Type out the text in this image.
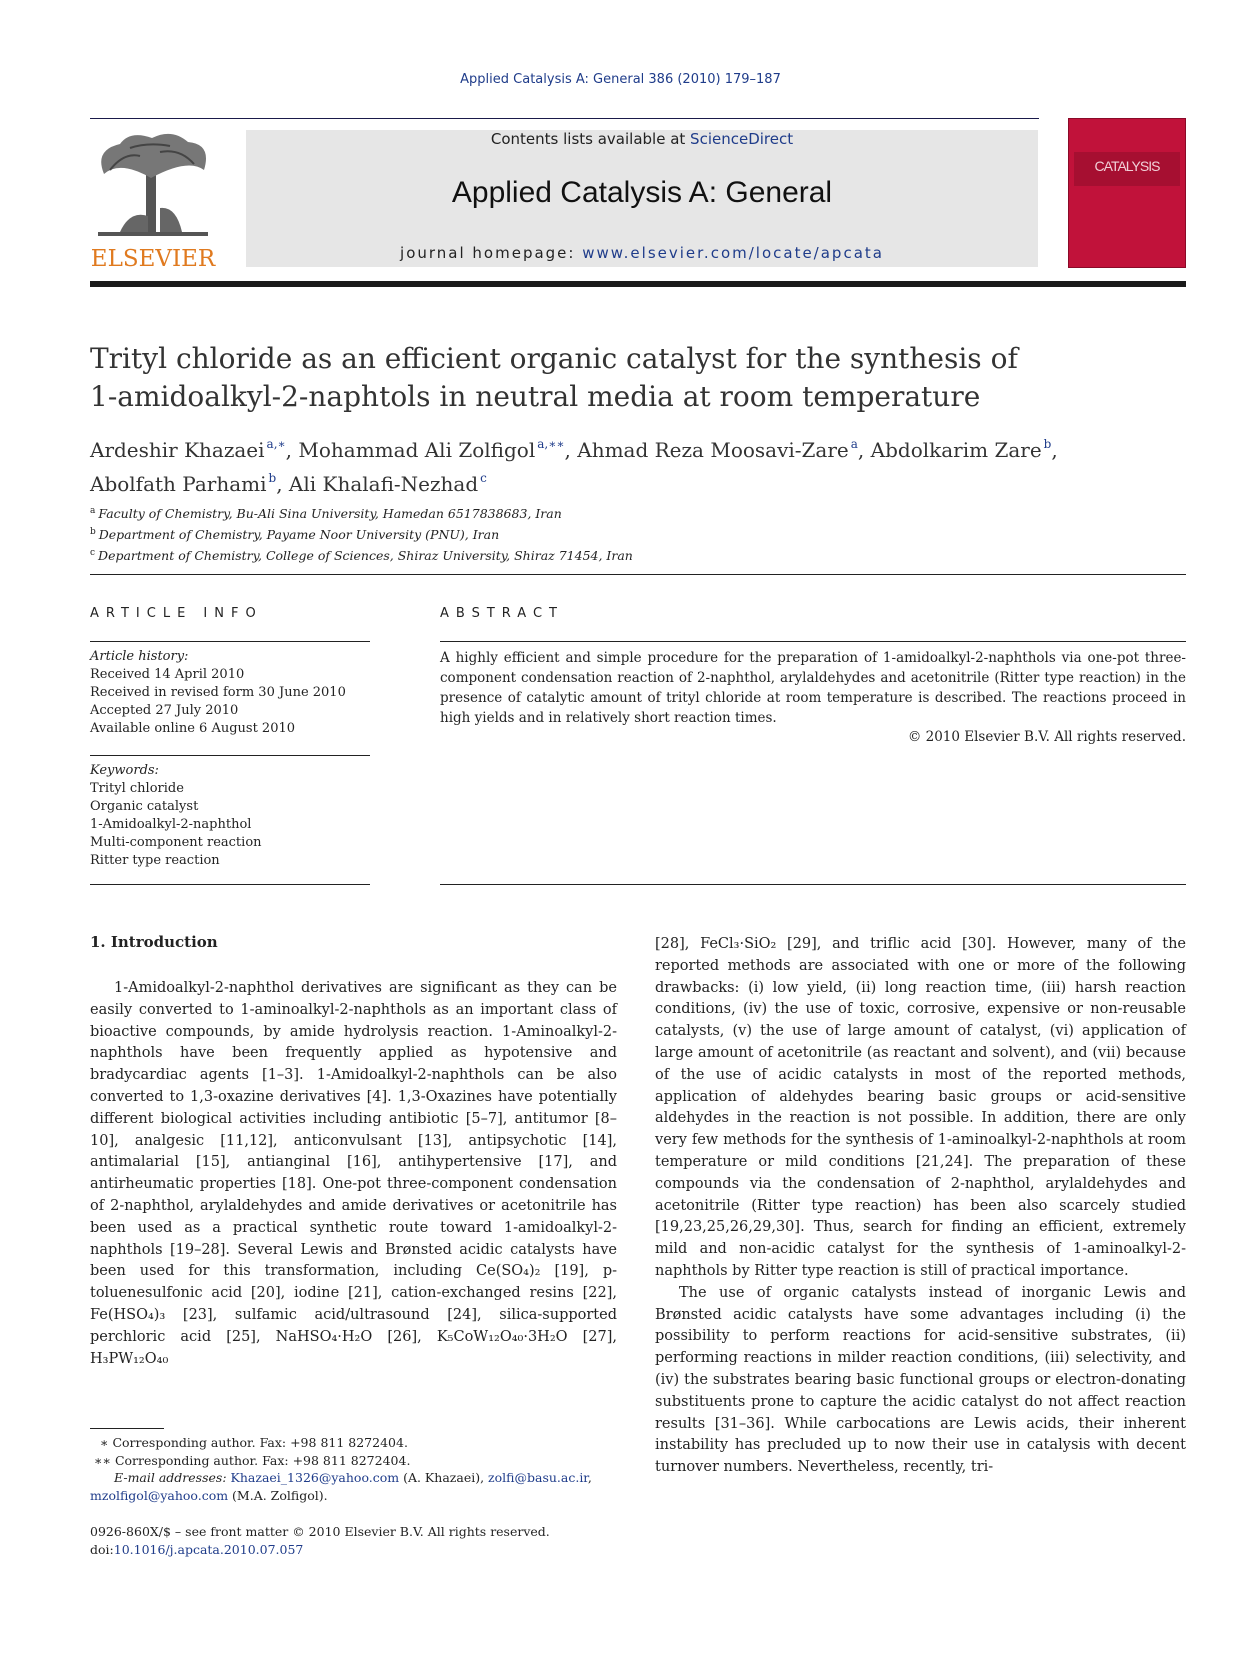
Applied Catalysis A: General 386 (2010) 179–187
ELSEVIER
Contents lists available at ScienceDirect
Applied Catalysis A: General
journal homepage: www.elsevier.com/locate/apcata
CATALYSIS
Trityl chloride as an efficient organic catalyst for the synthesis of
1-amidoalkyl-2-naphtols in neutral media at room temperature
Ardeshir Khazaei $^{a,∗}$, Mohammad Ali Zolfigol $^{a,∗∗}$, Ahmad Reza Moosavi-Zare $^a$, Abdolkarim Zare $^b$,
Abolfath Parhami $^b$, Ali Khalafi-Nezhad $^c$
$^a$ Faculty of Chemistry, Bu-Ali Sina University, Hamedan 6517838683, Iran
$^b$ Department of Chemistry, Payame Noor University (PNU), Iran
$^c$ Department of Chemistry, College of Sciences, Shiraz University, Shiraz 71454, Iran
ARTICLE INFO	ABSTRACT
Article history:
Received 14 April 2010
Received in revised form 30 June 2010
Accepted 27 July 2010
Available online 6 August 2010
Keywords:
Trityl chloride
Organic catalyst
1-Amidoalkyl-2-naphthol
Multi-component reaction
Ritter type reaction
A highly efficient and simple procedure for the preparation of 1-amidoalkyl-2-naphthols via one-pot three-component condensation reaction of 2-naphthol, arylaldehydes and acetonitrile (Ritter type reaction) in the presence of catalytic amount of trityl chloride at room temperature is described. The reactions proceed in high yields and in relatively short reaction times.
© 2010 Elsevier B.V. All rights reserved.
1. Introduction

1-Amidoalkyl-2-naphthol derivatives are significant as they can be easily converted to 1-aminoalkyl-2-naphthols as an important class of bioactive compounds, by amide hydrolysis reaction. 1-Aminoalkyl-2-naphthols have been frequently applied as hypotensive and bradycardiac agents [1–3]. 1-Amidoalkyl-2-naphthols can be also converted to 1,3-oxazine derivatives [4]. 1,3-Oxazines have potentially different biological activities including antibiotic [5–7], antitumor [8–10], analgesic [11,12], anticonvulsant [13], antipsychotic [14], antimalarial [15], antianginal [16], antihypertensive [17], and antirheumatic properties [18]. One-pot three-component condensation of 2-naphthol, arylaldehydes and amide derivatives or acetonitrile has been used as a practical synthetic route toward 1-amidoalkyl-2-naphthols [19–28]. Several Lewis and Brønsted acidic catalysts have been used for this transformation, including Ce(SO₄)₂ [19], p-toluenesulfonic acid [20], iodine [21], cation-exchanged resins [22], Fe(HSO₄)₃ [23], sulfamic acid/ultrasound [24], silica-supported perchloric acid [25], NaHSO₄·H₂O [26], K₅CoW₁₂O₄₀·3H₂O [27], H₃PW₁₂O₄₀

[28], FeCl₃·SiO₂ [29], and triflic acid [30]. However, many of the reported methods are associated with one or more of the following drawbacks: (i) low yield, (ii) long reaction time, (iii) harsh reaction conditions, (iv) the use of toxic, corrosive, expensive or non-reusable catalysts, (v) the use of large amount of catalyst, (vi) application of large amount of acetonitrile (as reactant and solvent), and (vii) because of the use of acidic catalysts in most of the reported methods, application of aldehydes bearing basic groups or acid-sensitive aldehydes in the reaction is not possible. In addition, there are only very few methods for the synthesis of 1-aminoalkyl-2-naphthols at room temperature or mild conditions [21,24]. The preparation of these compounds via the condensation of 2-naphthol, arylaldehydes and acetonitrile (Ritter type reaction) has been also scarcely studied [19,23,25,26,29,30]. Thus, search for finding an efficient, extremely mild and non-acidic catalyst for the synthesis of 1-aminoalkyl-2-naphthols by Ritter type reaction is still of practical importance.

The use of organic catalysts instead of inorganic Lewis and Brønsted acidic catalysts have some advantages including (i) the possibility to perform reactions for acid-sensitive substrates, (ii) performing reactions in milder reaction conditions, (iii) selectivity, and (iv) the substrates bearing basic functional groups or electron-donating substituents prone to capture the acidic catalyst do not affect reaction results [31–36]. While carbocations are Lewis acids, their inherent instability has precluded up to now their use in catalysis with decent turnover numbers. Nevertheless, recently, tri-

∗ Corresponding author. Fax: +98 811 8272404.
∗∗ Corresponding author. Fax: +98 811 8272404.
E-mail addresses: Khazaei_1326@yahoo.com (A. Khazaei), zolfi@basu.ac.ir,
mzolfigol@yahoo.com (M.A. Zolfigol).
0926-860X/$ – see front matter © 2010 Elsevier B.V. All rights reserved.
doi:10.1016/j.apcata.2010.07.057
